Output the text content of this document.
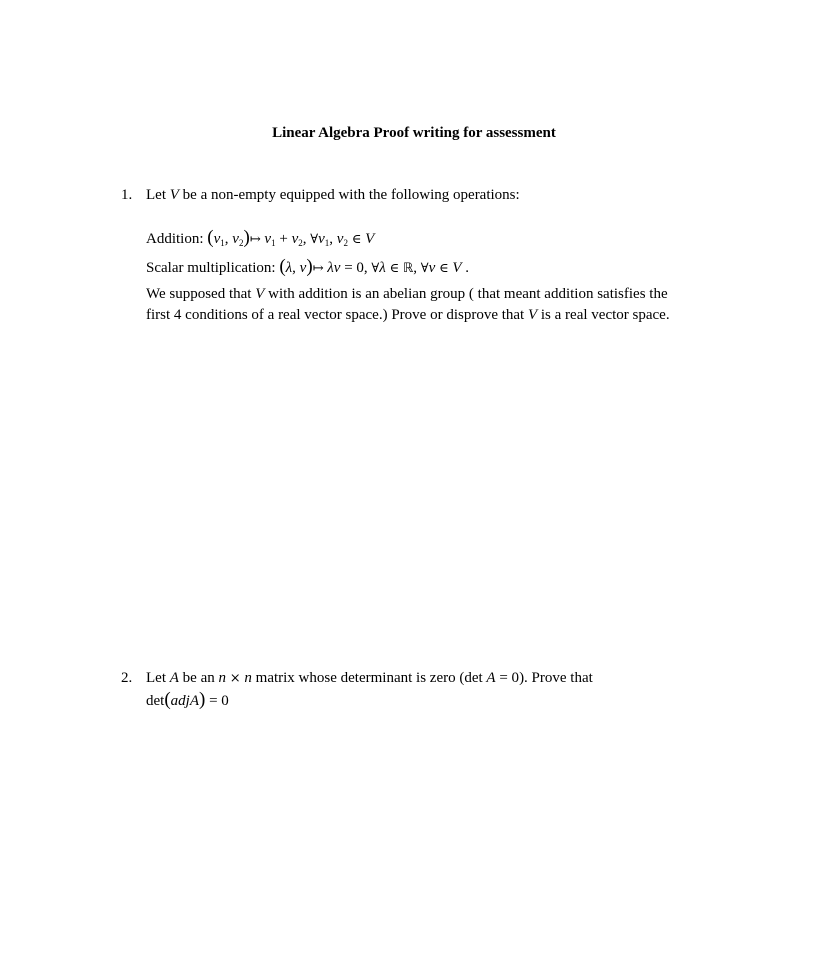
Linear Algebra Proof writing for assessment
1. Let V be a non-empty equipped with the following operations:
Addition: ($v_1$, $v_2)↦$ $v_1 + v_2$, $\forall v_1$, $v_2$ ∈ V
Scalar multiplication: (λ, v)↦ λv = 0, ∀λ ∈ ℝ, ∀v ∈ V .
We supposed that V with addition is an abelian group ( that meant addition satisfies the
first 4 conditions of a real vector space.) Prove or disprove that V is a real vector space.
2. Let A be an n × n matrix whose determinant is zero (det A = 0). Prove that
det(adjA) = 0
